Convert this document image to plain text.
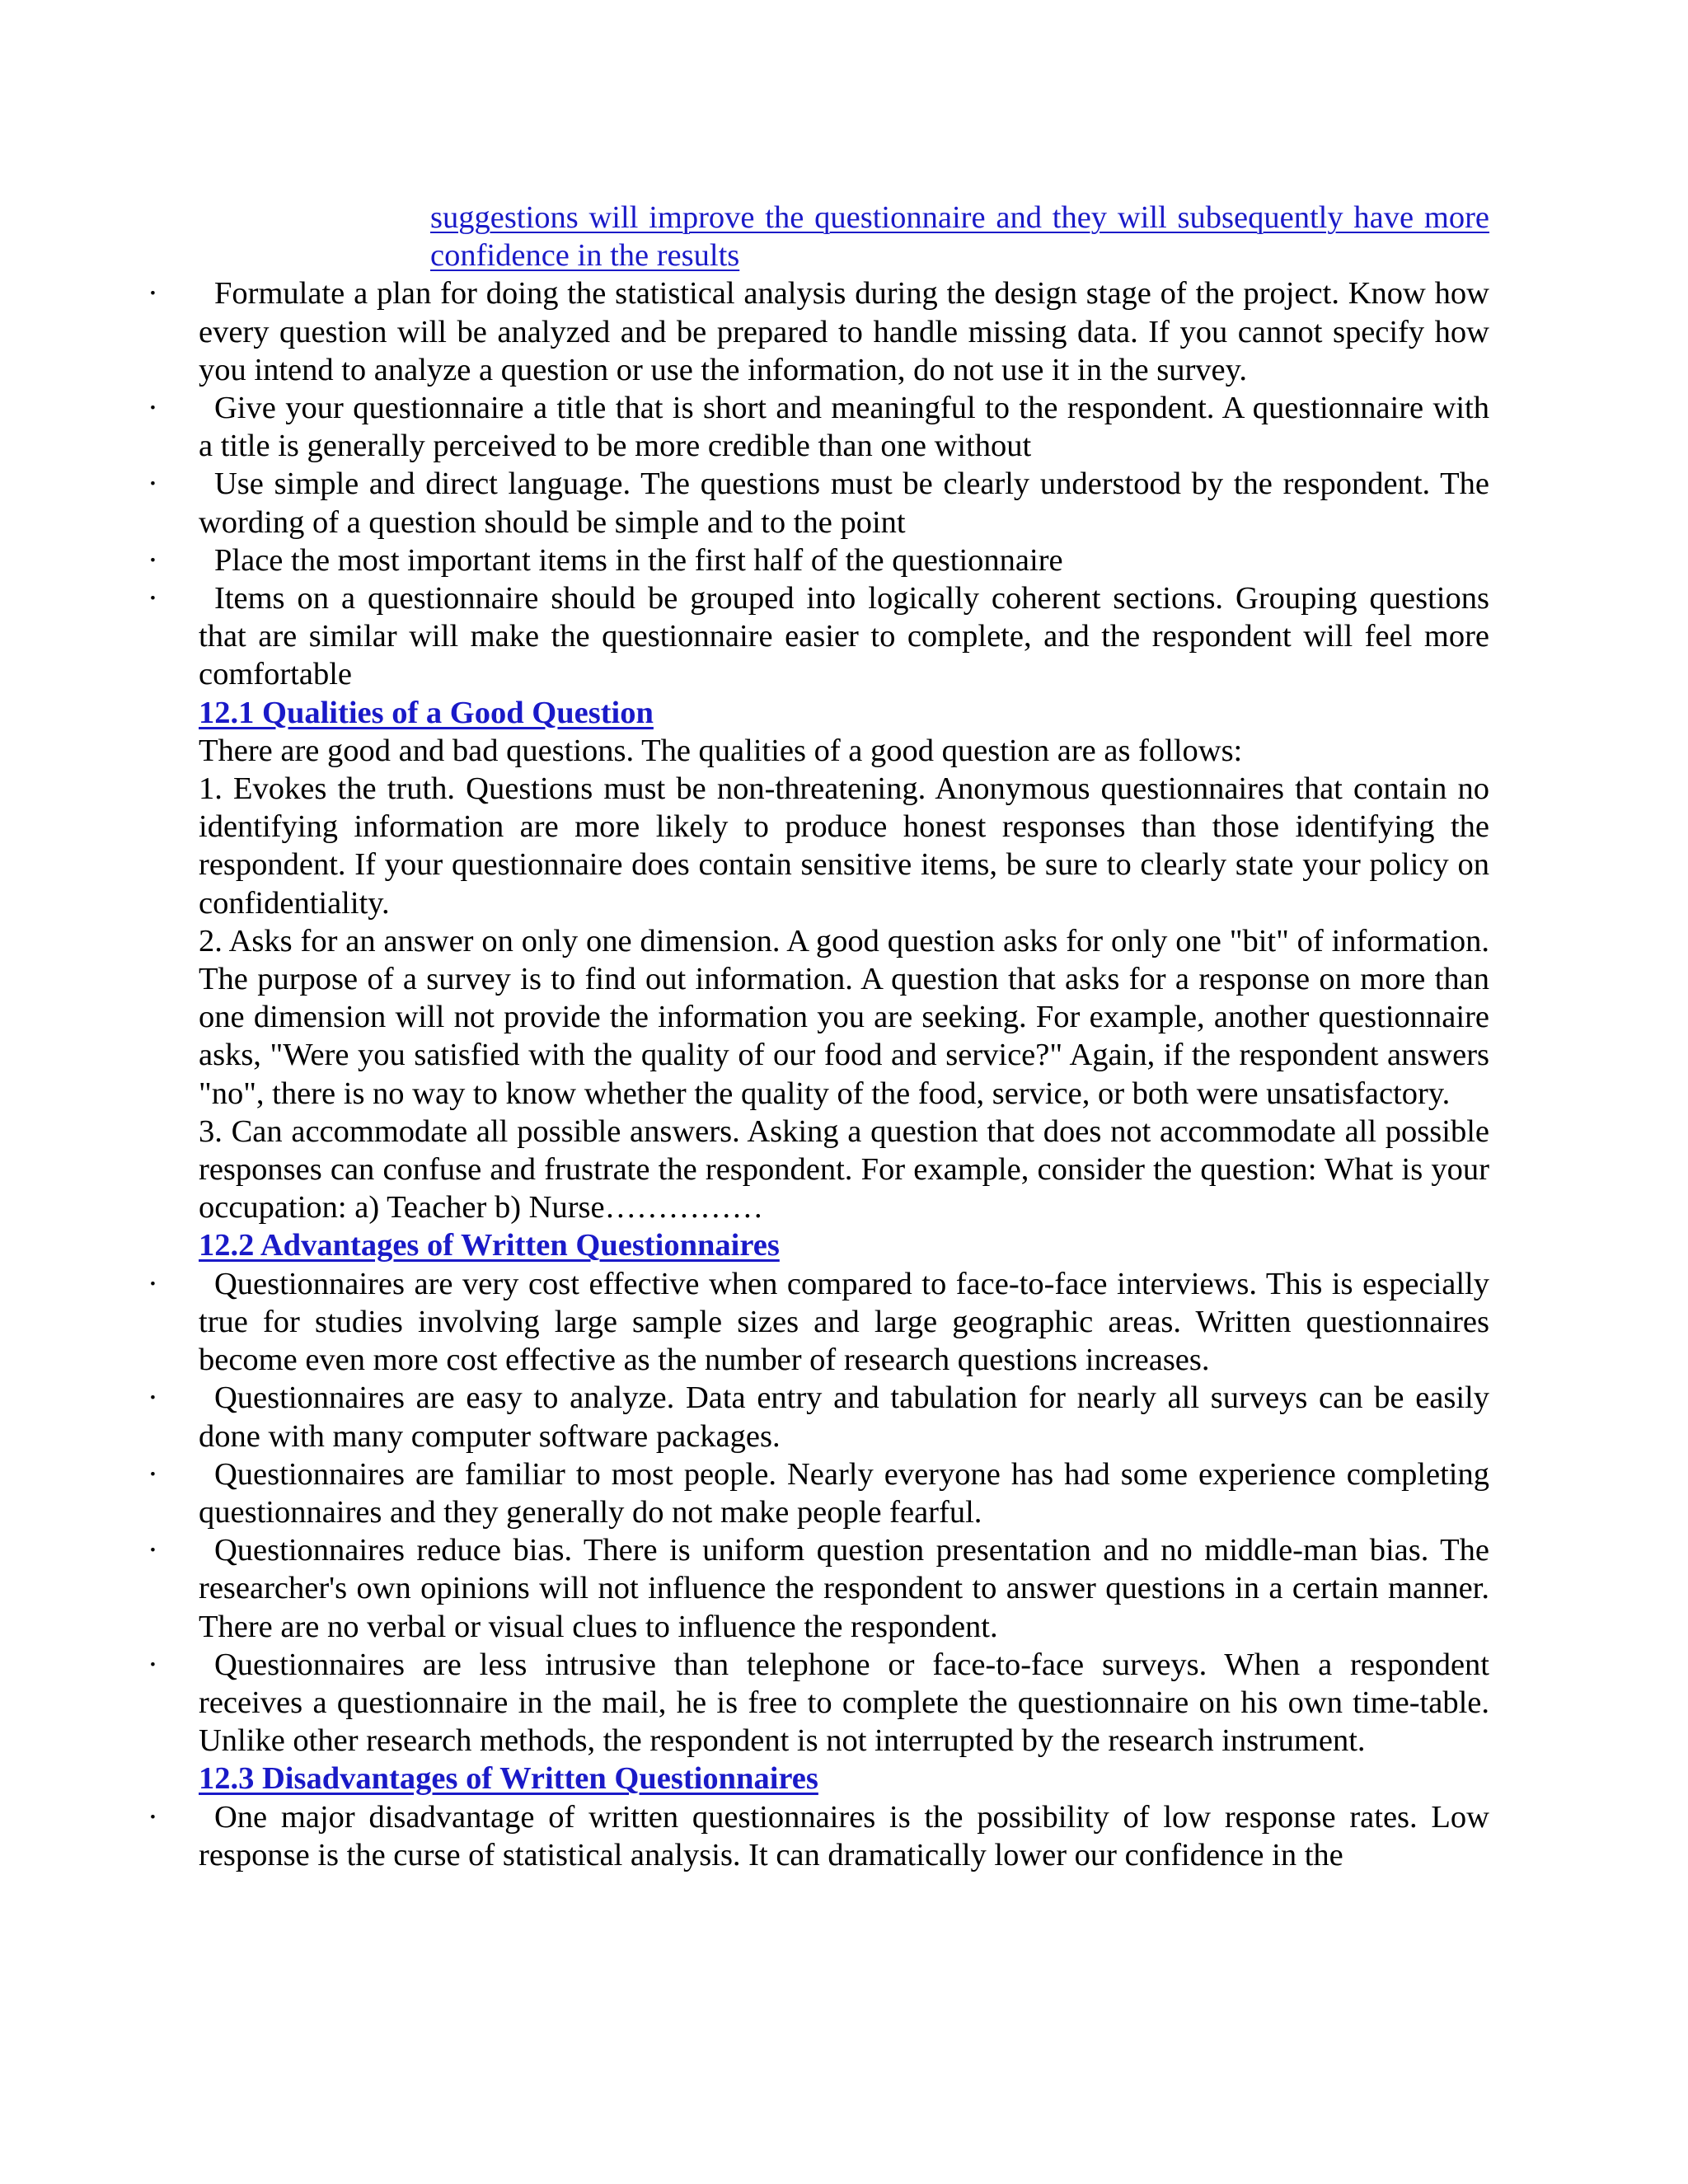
suggestions will improve the questionnaire and they will subsequently have more confidence in the results

· Formulate a plan for doing the statistical analysis during the design stage of the project. Know how every question will be analyzed and be prepared to handle missing data. If you cannot specify how you intend to analyze a question or use the information, do not use it in the survey.

· Give your questionnaire a title that is short and meaningful to the respondent. A questionnaire with a title is generally perceived to be more credible than one without

· Use simple and direct language. The questions must be clearly understood by the respondent. The wording of a question should be simple and to the point

· Place the most important items in the first half of the questionnaire

· Items on a questionnaire should be grouped into logically coherent sections. Grouping questions that are similar will make the questionnaire easier to complete, and the respondent will feel more comfortable

12.1 Qualities of a Good Question

There are good and bad questions. The qualities of a good question are as follows:

1. Evokes the truth. Questions must be non-threatening. Anonymous questionnaires that contain no identifying information are more likely to produce honest responses than those identifying the respondent. If your questionnaire does contain sensitive items, be sure to clearly state your policy on confidentiality.

2. Asks for an answer on only one dimension. A good question asks for only one "bit" of information. The purpose of a survey is to find out information. A question that asks for a response on more than one dimension will not provide the information you are seeking. For example, another questionnaire asks, "Were you satisfied with the quality of our food and service?" Again, if the respondent answers "no", there is no way to know whether the quality of the food, service, or both were unsatisfactory.

3. Can accommodate all possible answers. Asking a question that does not accommodate all possible responses can confuse and frustrate the respondent. For example, consider the question: What is your occupation: a) Teacher b) Nurse……………

12.2 Advantages of Written Questionnaires

· Questionnaires are very cost effective when compared to face-to-face interviews. This is especially true for studies involving large sample sizes and large geographic areas. Written questionnaires become even more cost effective as the number of research questions increases.

· Questionnaires are easy to analyze. Data entry and tabulation for nearly all surveys can be easily done with many computer software packages.

· Questionnaires are familiar to most people. Nearly everyone has had some experience completing questionnaires and they generally do not make people fearful.

· Questionnaires reduce bias. There is uniform question presentation and no middle-man bias. The researcher's own opinions will not influence the respondent to answer questions in a certain manner. There are no verbal or visual clues to influence the respondent.

· Questionnaires are less intrusive than telephone or face-to-face surveys. When a respondent receives a questionnaire in the mail, he is free to complete the questionnaire on his own time-table. Unlike other research methods, the respondent is not interrupted by the research instrument.

12.3 Disadvantages of Written Questionnaires

· One major disadvantage of written questionnaires is the possibility of low response rates. Low response is the curse of statistical analysis. It can dramatically lower our confidence in the
